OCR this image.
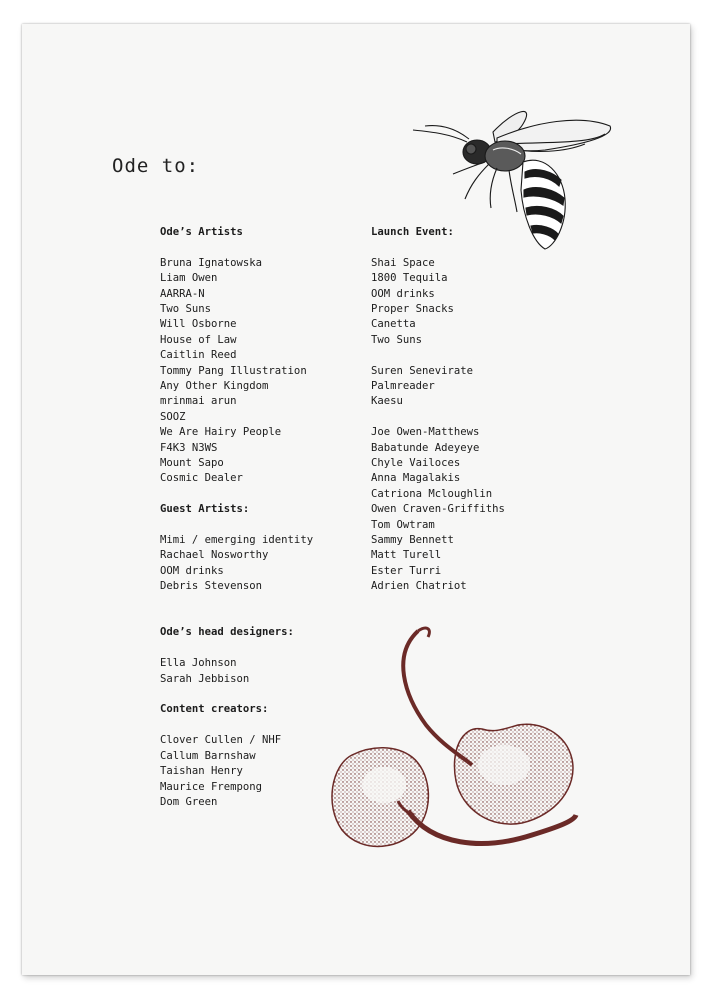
Ode to:
Ode’s Artists
Bruna Ignatowska
Liam Owen
AARRA-N
Two Suns
Will Osborne
House of Law
Caitlin Reed
Tommy Pang Illustration
Any Other Kingdom
mrinmai arun
SOOZ
We Are Hairy People
F4K3 N3WS
Mount Sapo
Cosmic Dealer
Guest Artists:
Mimi / emerging identity
Rachael Nosworthy
OOM drinks
Debris Stevenson
Ode’s head designers:
Ella Johnson
Sarah Jebbison
Content creators:
Clover Cullen / NHF
Callum Barnshaw
Taishan Henry
Maurice Frempong
Dom Green
Launch Event:
Shai Space
1800 Tequila
OOM drinks
Proper Snacks
Canetta
Two Suns
Suren Senevirate
Palmreader
Kaesu
Joe Owen-Matthews
Babatunde Adeyeye
Chyle Vailoces
Anna Magalakis
Catriona Mcloughlin
Owen Craven-Griffiths
Tom Owtram
Sammy Bennett
Matt Turell
Ester Turri
Adrien Chatriot
